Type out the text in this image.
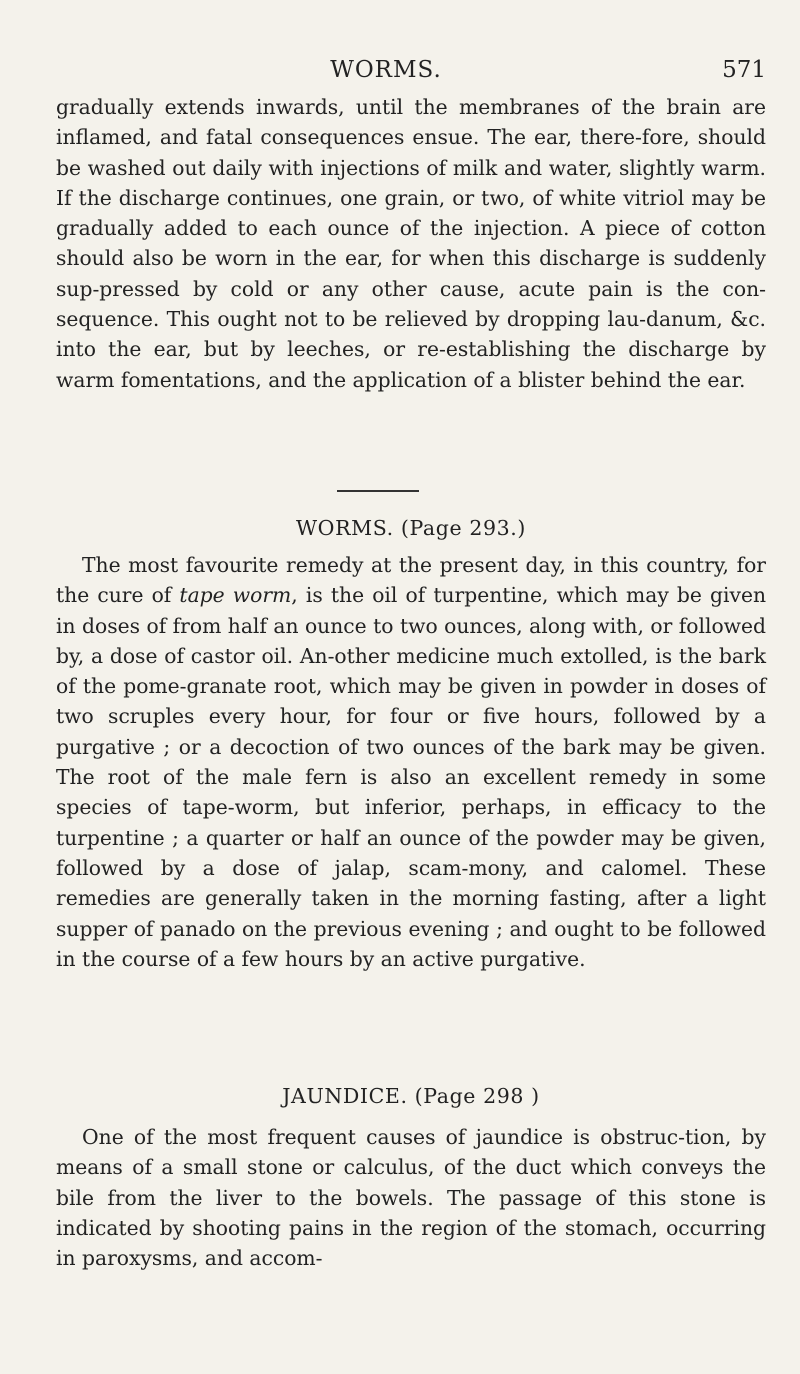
WORMS.	571

gradually extends inwards, until the membranes of the brain are inflamed, and fatal consequences ensue. The ear, there-fore, should be washed out daily with injections of milk and water, slightly warm. If the discharge continues, one grain, or two, of white vitriol may be gradually added to each ounce of the injection. A piece of cotton should also be worn in the ear, for when this discharge is suddenly sup-pressed by cold or any other cause, acute pain is the con-sequence. This ought not to be relieved by dropping lau-danum, &c. into the ear, but by leeches, or re-establishing the discharge by warm fomentations, and the application of a blister behind the ear.

WORMS. (Page 293.)

The most favourite remedy at the present day, in this country, for the cure of tape worm, is the oil of turpentine, which may be given in doses of from half an ounce to two ounces, along with, or followed by, a dose of castor oil. An-other medicine much extolled, is the bark of the pome-granate root, which may be given in powder in doses of two scruples every hour, for four or five hours, followed by a purgative ; or a decoction of two ounces of the bark may be given. The root of the male fern is also an excellent remedy in some species of tape-worm, but inferior, perhaps, in efficacy to the turpentine ; a quarter or half an ounce of the powder may be given, followed by a dose of jalap, scam-mony, and calomel. These remedies are generally taken in the morning fasting, after a light supper of panado on the previous evening ; and ought to be followed in the course of a few hours by an active purgative.

JAUNDICE. (Page 298 )

One of the most frequent causes of jaundice is obstruc-tion, by means of a small stone or calculus, of the duct which conveys the bile from the liver to the bowels. The passage of this stone is indicated by shooting pains in the region of the stomach, occurring in paroxysms, and accom-
